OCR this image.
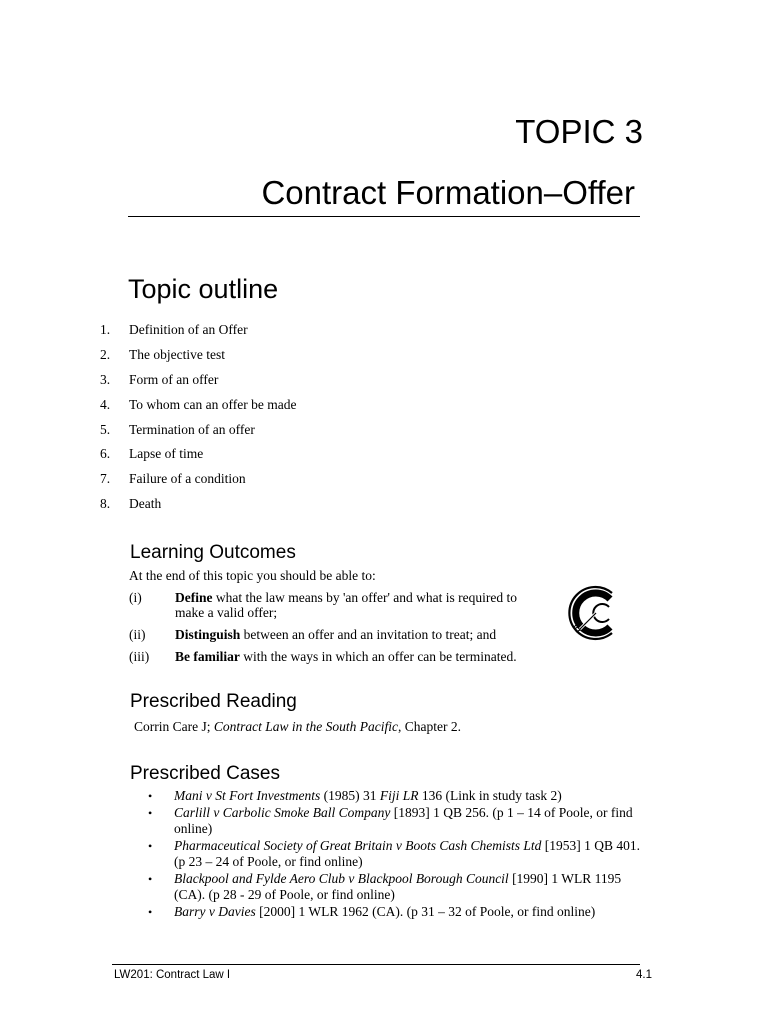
TOPIC 3
Contract Formation–Offer
Topic outline
1.	Definition of an Offer
2.	The objective test
3.	Form of an offer
4.	To whom can an offer be made
5.	Termination of an offer
6.	Lapse of time
7.	Failure of a condition
8.	Death
Learning Outcomes
At the end of this topic you should be able to:
(i)	Define what the law means by 'an offer' and what is required to make a valid offer;
(ii)	Distinguish between an offer and an invitation to treat; and
(iii)	Be familiar with the ways in which an offer can be terminated.
Prescribed Reading
Corrin Care J; Contract Law in the South Pacific, Chapter 2.
Prescribed Cases
•	Mani v St Fort Investments (1985) 31 Fiji LR 136 (Link in study task 2)
•	Carlill v Carbolic Smoke Ball Company [1893] 1 QB 256. (p 1 – 14 of Poole, or find online)
•	Pharmaceutical Society of Great Britain v Boots Cash Chemists Ltd [1953] 1 QB 401. (p 23 – 24 of Poole, or find online)
•	Blackpool and Fylde Aero Club v Blackpool Borough Council [1990] 1 WLR 1195 (CA). (p 28 - 29 of Poole, or find online)
•	Barry v Davies [2000] 1 WLR 1962 (CA). (p 31 – 32 of Poole, or find online)
LW201: Contract Law I	4.1
